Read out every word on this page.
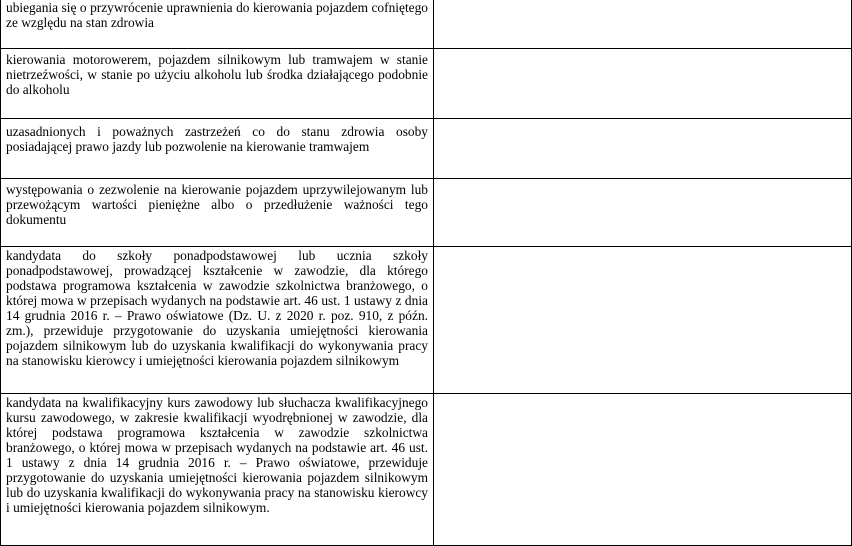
ubiegania się o przywrócenie uprawnienia do kierowania pojazdem cofniętego ze względu na stan zdrowia	

kierowania motorowerem, pojazdem silnikowym lub tramwajem w stanie nietrzeźwości, w stanie po użyciu alkoholu lub środka działającego podobnie do alkoholu	

uzasadnionych i poważnych zastrzeżeń co do stanu zdrowia osoby posiadającej prawo jazdy lub pozwolenie na kierowanie tramwajem	

występowania o zezwolenie na kierowanie pojazdem uprzywilejowanym lub przewożącym wartości pieniężne albo o przedłużenie ważności tego dokumentu	

kandydata do szkoły ponadpodstawowej lub ucznia szkoły ponadpodstawowej, prowadzącej kształcenie w zawodzie, dla którego podstawa programowa kształcenia w zawodzie szkolnictwa branżowego, o której mowa w przepisach wydanych na podstawie art. 46 ust. 1 ustawy z dnia 14 grudnia 2016 r. – Prawo oświatowe (Dz. U. z 2020 r. poz. 910, z późn. zm.), przewiduje przygotowanie do uzyskania umiejętności kierowania pojazdem silnikowym lub do uzyskania kwalifikacji do wykonywania pracy na stanowisku kierowcy i umiejętności kierowania pojazdem silnikowym	

kandydata na kwalifikacyjny kurs zawodowy lub słuchacza kwalifikacyjnego kursu zawodowego, w zakresie kwalifikacji wyodrębnionej w zawodzie, dla której podstawa programowa kształcenia w zawodzie szkolnictwa branżowego, o której mowa w przepisach wydanych na podstawie art. 46 ust. 1 ustawy z dnia 14 grudnia 2016 r. – Prawo oświatowe, przewiduje przygotowanie do uzyskania umiejętności kierowania pojazdem silnikowym lub do uzyskania kwalifikacji do wykonywania pracy na stanowisku kierowcy i umiejętności kierowania pojazdem silnikowym.	
